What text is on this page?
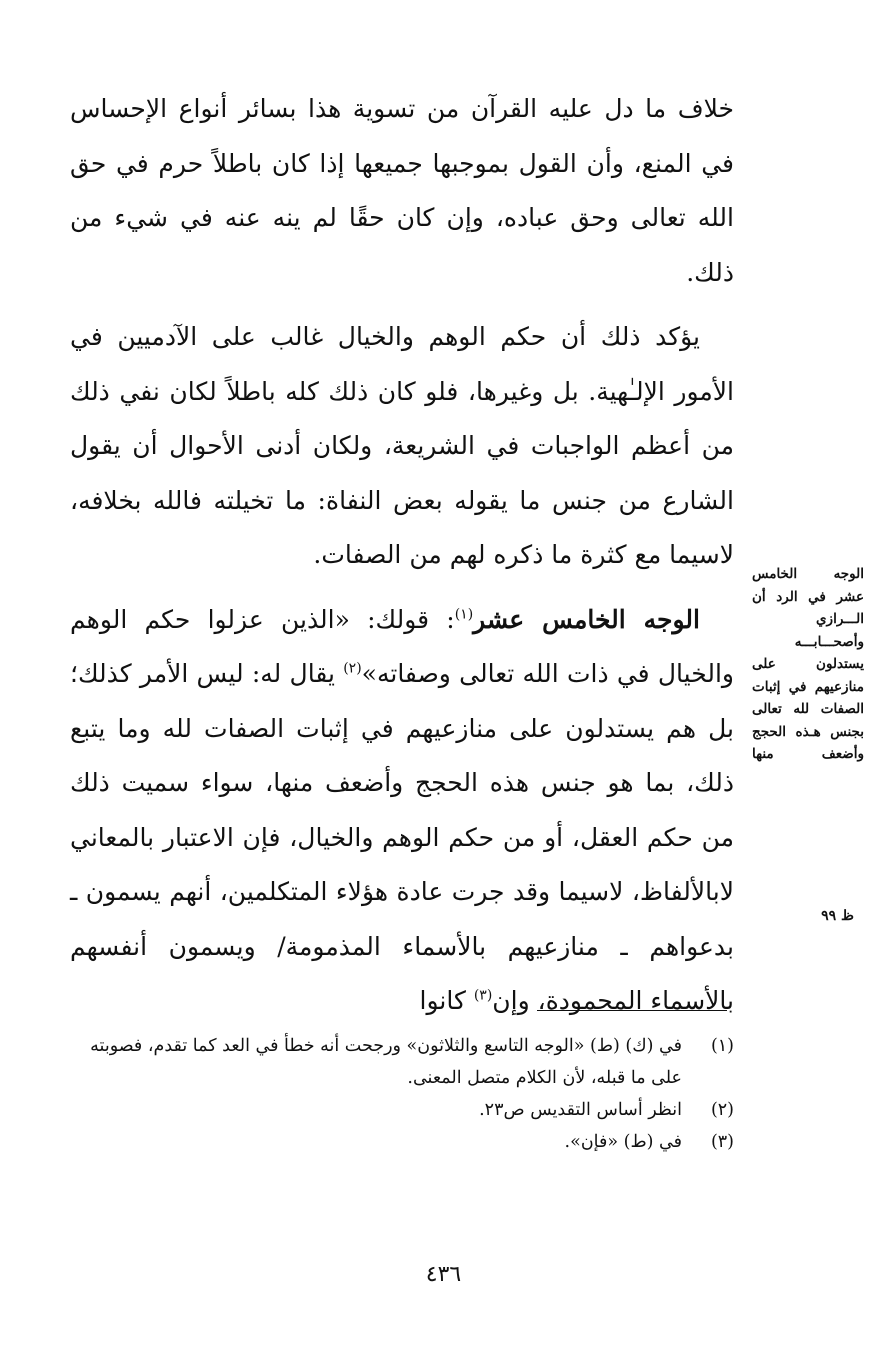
خلاف ما دل عليه القرآن من تسوية هذا بسائر أنواع الإحساس في المنع، وأن القول بموجبها جميعها إذا كان باطلاً حرم في حق الله تعالى وحق عباده، وإن كان حقًا لم ينه عنه في شيء من ذلك.

يؤكد ذلك أن حكم الوهم والخيال غالب على الآدميين في الأمور الإلـٰهية. بل وغيرها، فلو كان ذلك كله باطلاً لكان نفي ذلك من أعظم الواجبات في الشريعة، ولكان أدنى الأحوال أن يقول الشارع من جنس ما يقوله بعض النفاة: ما تخيلته فالله بخلافه، لاسيما مع كثرة ما ذكره لهم من الصفات.

الوجه الخامس عشر$^{(١)}$: قولك: «الذين عزلوا حكم الوهم والخيال في ذات الله تعالى وصفاته»$^{(٢)}$ يقال له: ليس الأمر كذلك؛ بل هم يستدلون على منازعيهم في إثبات الصفات لله وما يتبع ذلك، بما هو جنس هذه الحجج وأضعف منها، سواء سميت ذلك من حكم العقل، أو من حكم الوهم والخيال، فإن الاعتبار بالمعاني لابالألفاظ، لاسيما وقد جرت عادة هؤلاء المتكلمين، أنهم يسمون ـ بدعواهم ـ منازعيهم بالأسماء المذمومة/ ويسمون أنفسهم بالأسماء المحمودة، وإن$^{(٣)}$ كانوا

الوجه الخامس عشر في الرد أن الـــرازي وأصحـــابـــه يستدلون على منازعيهم في إثبات الصفات لله تعالى بجنس هـذه الحجج وأضعف منها
ظ ٩٩
(١)
في (ك) (ط) «الوجه التاسع والثلاثون» ورجحت أنه خطأ في العد كما تقدم، فصوبته على ما قبله، لأن الكلام متصل المعنى.
(٢)
انظر أساس التقديس ص٢٣.
(٣)
في (ط) «فإن».
٤٣٦
